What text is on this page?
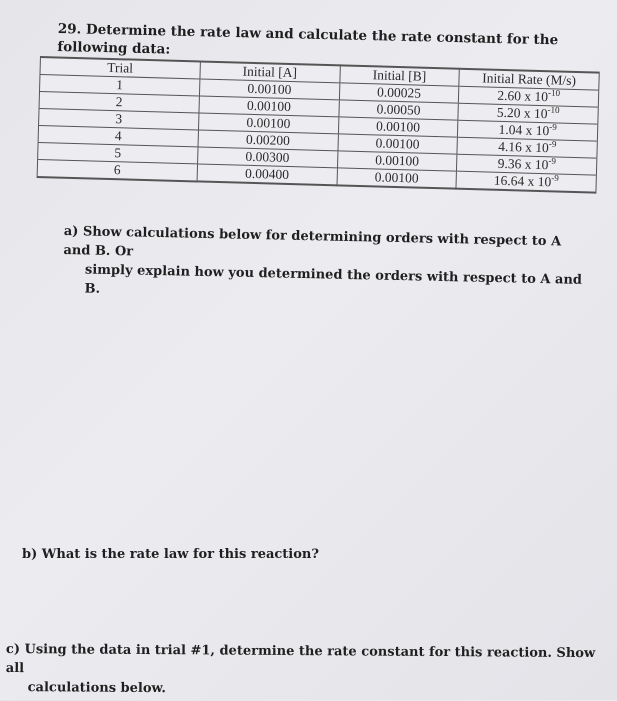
29. Determine the rate law and calculate the rate constant for the following data:
Trial	Initial [A]	Initial [B]	Initial Rate (M/s)
1	0.00100	0.00025	2.60 x $10^{-10}$
2	0.00100	0.00050	5.20 x $10^{-10}$
3	0.00100	0.00100	1.04 x $10^{-9}$
4	0.00200	0.00100	4.16 x $10^{-9}$
5	0.00300	0.00100	9.36 x $10^{-9}$
6	0.00400	0.00100	16.64 x $10^{-9}$
a) Show calculations below for determining orders with respect to A and B. Or
simply explain how you determined the orders with respect to A and B.
b) What is the rate law for this reaction?
c) Using the data in trial #1, determine the rate constant for this reaction. Show all
calculations below.
